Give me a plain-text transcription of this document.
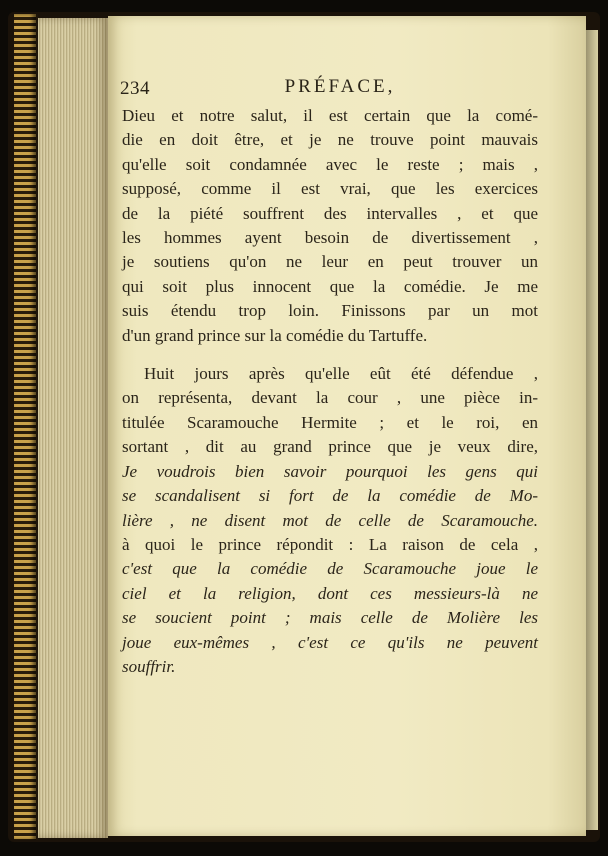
234	PRÉFACE,

Dieu et notre salut, il est certain que la comé-
die en doit être, et je ne trouve point mauvais
qu'elle soit condamnée avec le reste ; mais ,
supposé, comme il est vrai, que les exercices
de la piété souffrent des intervalles , et que
les hommes ayent besoin de divertissement ,
je soutiens qu'on ne leur en peut trouver un
qui soit plus innocent que la comédie. Je me
suis étendu trop loin. Finissons par un mot
d'un grand prince sur la comédie du Tartuffe.

Huit jours après qu'elle eût été défendue ,
on représenta, devant la cour , une pièce in-
titulée Scaramouche Hermite ; et le roi, en
sortant , dit au grand prince que je veux dire,
Je voudrois bien savoir pourquoi les gens qui
se scandalisent si fort de la comédie de Mo-
lière , ne disent mot de celle de Scaramouche.
à quoi le prince répondit : La raison de cela ,
c'est que la comédie de Scaramouche joue le
ciel et la religion, dont ces messieurs-là ne
se soucient point ; mais celle de Molière les
joue eux-mêmes , c'est ce qu'ils ne peuvent
souffrir.
